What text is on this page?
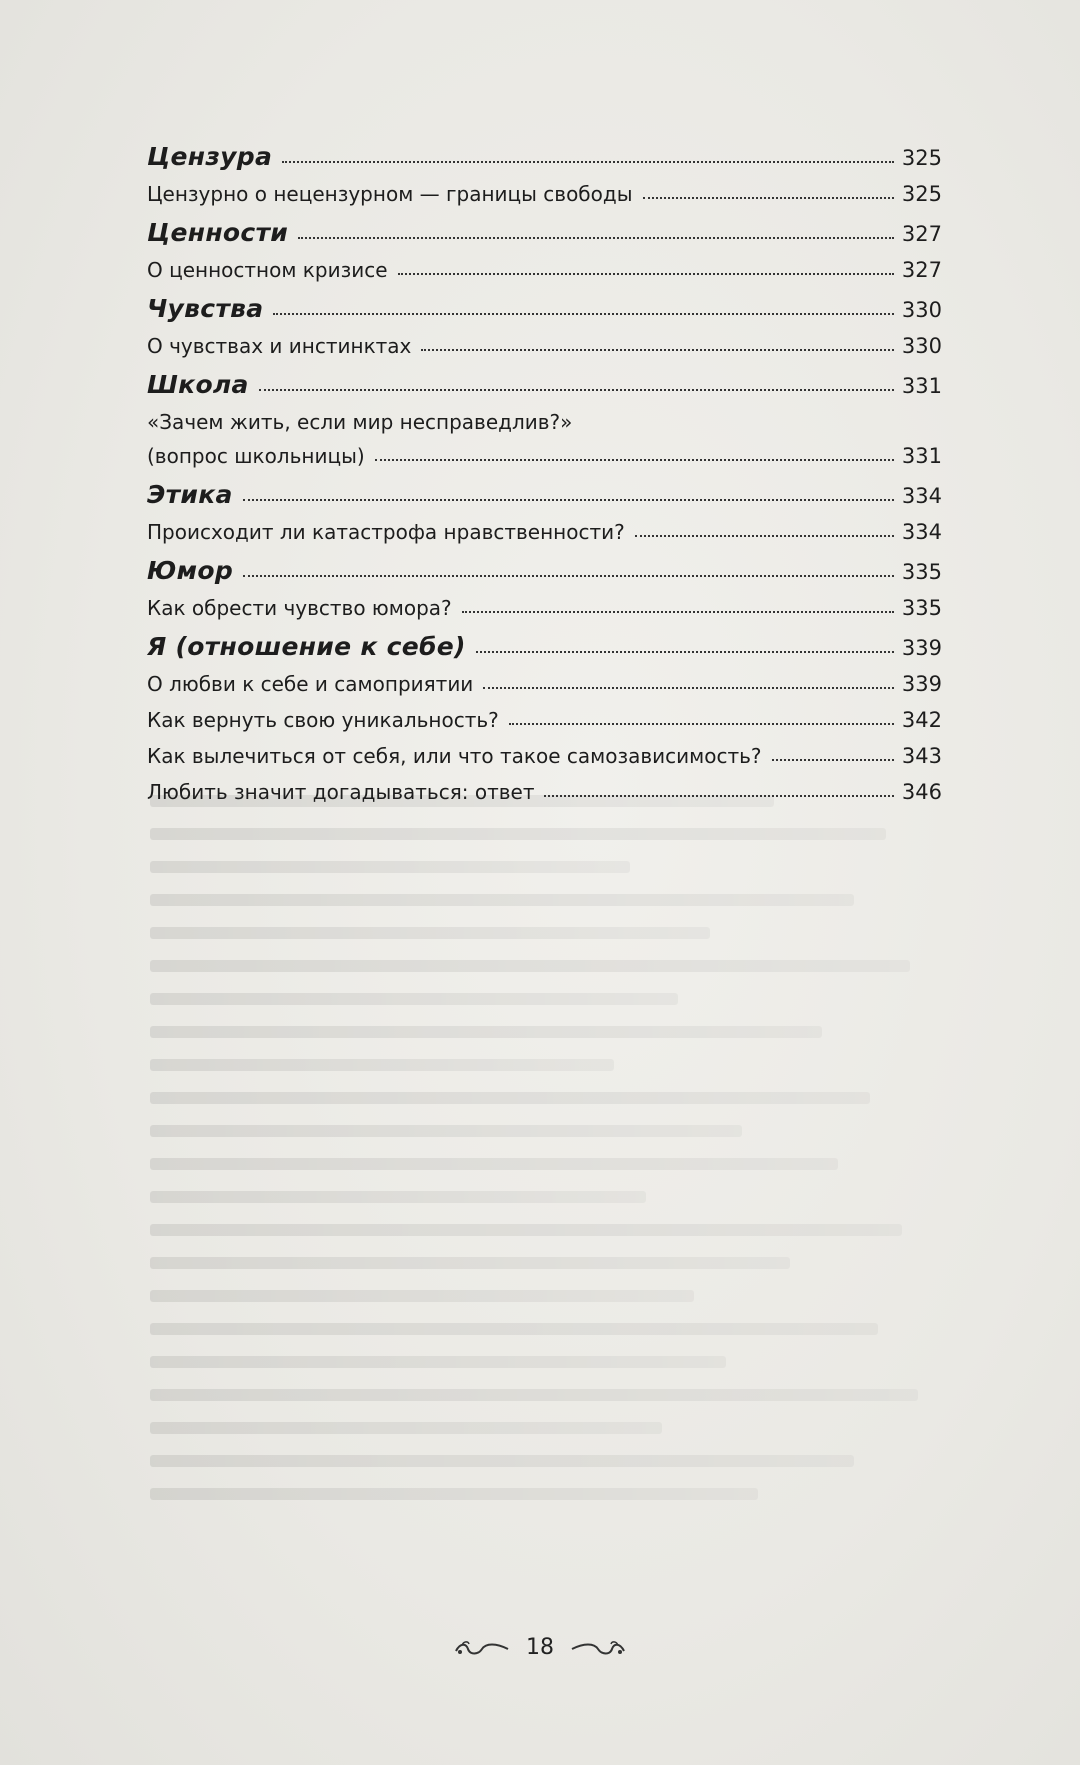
Цензура	325
Цензурно о нецензурном — границы свободы	325
Ценности	327
О ценностном кризисе	327
Чувства	330
О чувствах и инстинктах	330
Школа	331
«Зачем жить, если мир несправедлив?»
(вопрос школьницы)	331
Этика	334
Происходит ли катастрофа нравственности?	334
Юмор	335
Как обрести чувство юмора?	335
Я (отношение к себе)	339
О любви к себе и самоприятии	339
Как вернуть свою уникальность?	342
Как вылечиться от себя, или что такое самозависимость?	343
Любить значит догадываться: ответ	346
18
